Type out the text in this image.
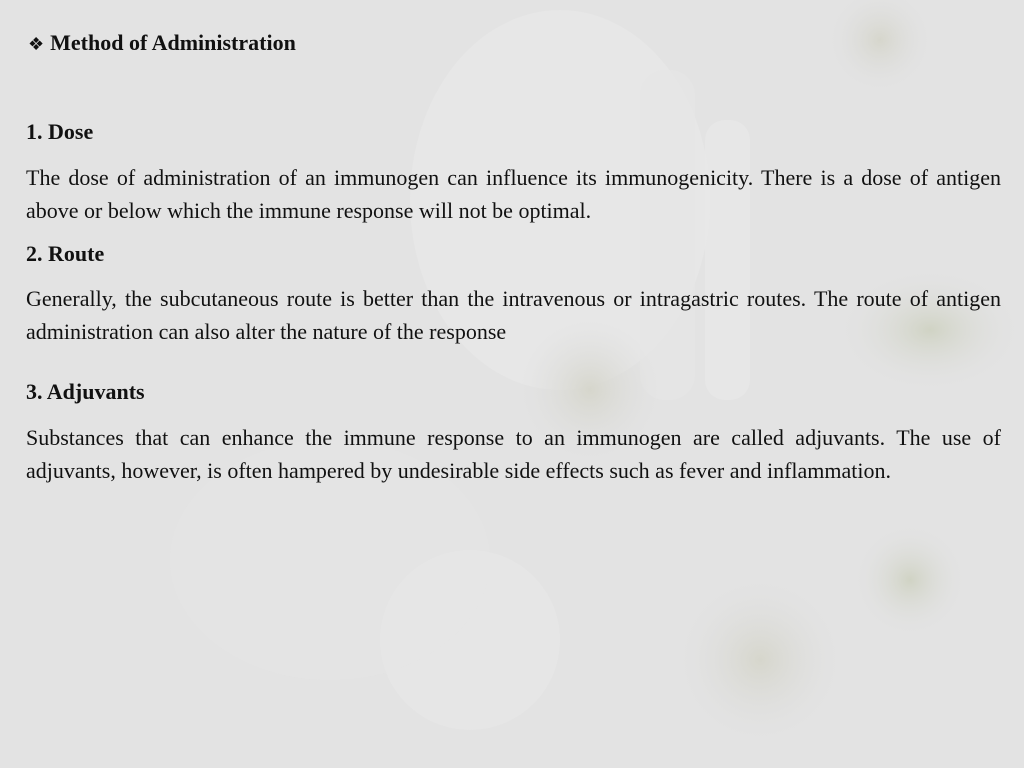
❖ Method of Administration
1. Dose
The dose of administration of an immunogen can influence its immunogenicity. There is a dose of antigen above or below which the immune response will not be optimal.
2. Route
Generally, the subcutaneous route is better than the intravenous or intragastric routes. The route of antigen administration can also alter the nature of the response
3. Adjuvants
Substances that can enhance the immune response to an immunogen are called adjuvants. The use of adjuvants, however, is often hampered by undesirable side effects such as fever and inflammation.
